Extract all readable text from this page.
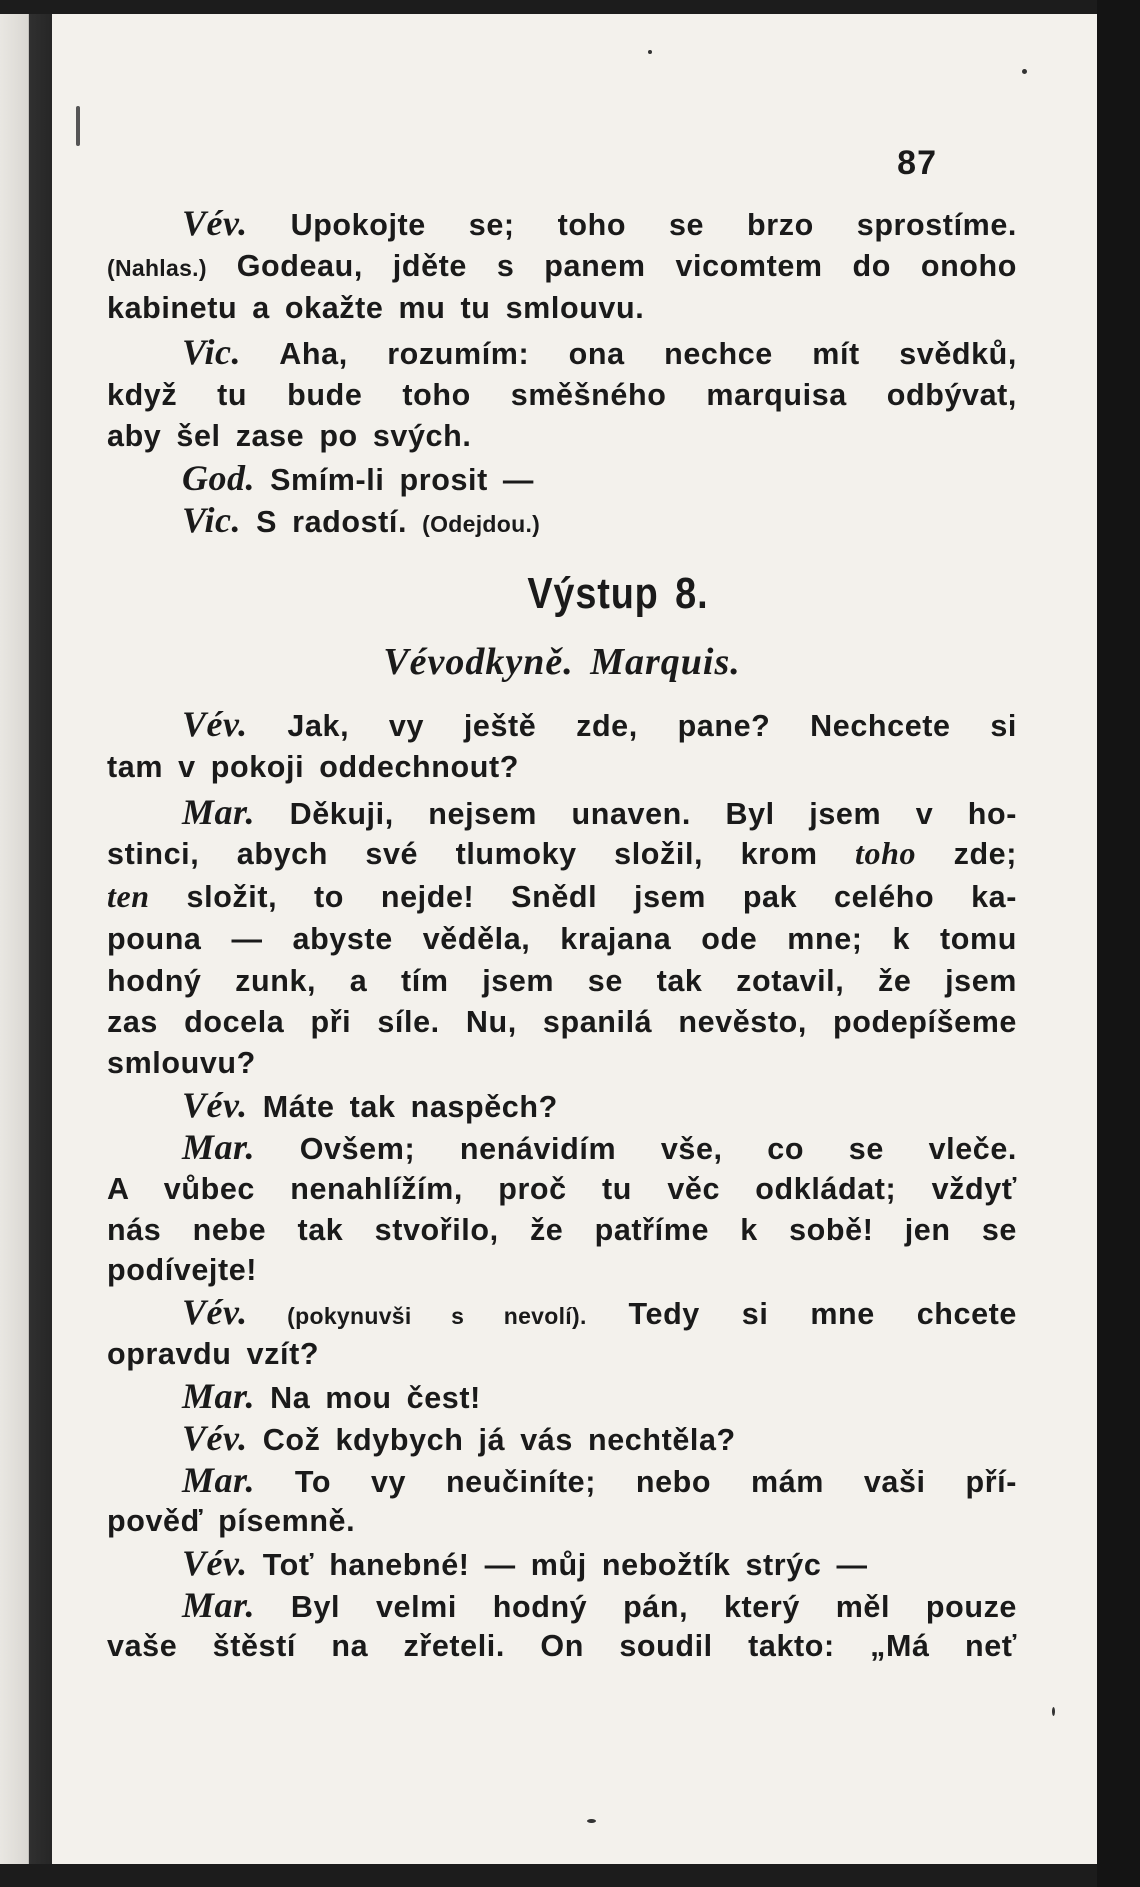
87
Vév. Upokojte se; toho se brzo sprostíme.
(Nahlas.) Godeau, jděte s panem vicomtem do onoho
kabinetu a okažte mu tu smlouvu.
Vic. Aha, rozumím: ona nechce mít svědků,
když tu bude toho směšného marquisa odbývat,
aby šel zase po svých.
God. Smím-li prosit —
Vic. S radostí. (Odejdou.)
Výstup 8.
Vévodkyně. Marquis.
Vév. Jak, vy ještě zde, pane? Nechcete si
tam v pokoji oddechnout?
Mar. Děkuji, nejsem unaven. Byl jsem v ho-
stinci, abych své tlumoky složil, krom toho zde;
ten složit, to nejde! Snědl jsem pak celého ka-
pouna — abyste věděla, krajana ode mne; k tomu
hodný zunk, a tím jsem se tak zotavil, že jsem
zas docela při síle. Nu, spanilá nevěsto, podepíšeme
smlouvu?
Vév. Máte tak naspěch?
Mar. Ovšem; nenávidím vše, co se vleče.
A vůbec nenahlížím, proč tu věc odkládat; vždyť
nás nebe tak stvořilo, že patříme k sobě! jen se
podívejte!
Vév. (pokynuvši s nevolí). Tedy si mne chcete
opravdu vzít?
Mar. Na mou čest!
Vév. Což kdybych já vás nechtěla?
Mar. To vy neučiníte; nebo mám vaši pří-
pověď písemně.
Vév. Toť hanebné! — můj nebožtík strýc —
Mar. Byl velmi hodný pán, který měl pouze
vaše štěstí na zřeteli. On soudil takto: „Má neť
